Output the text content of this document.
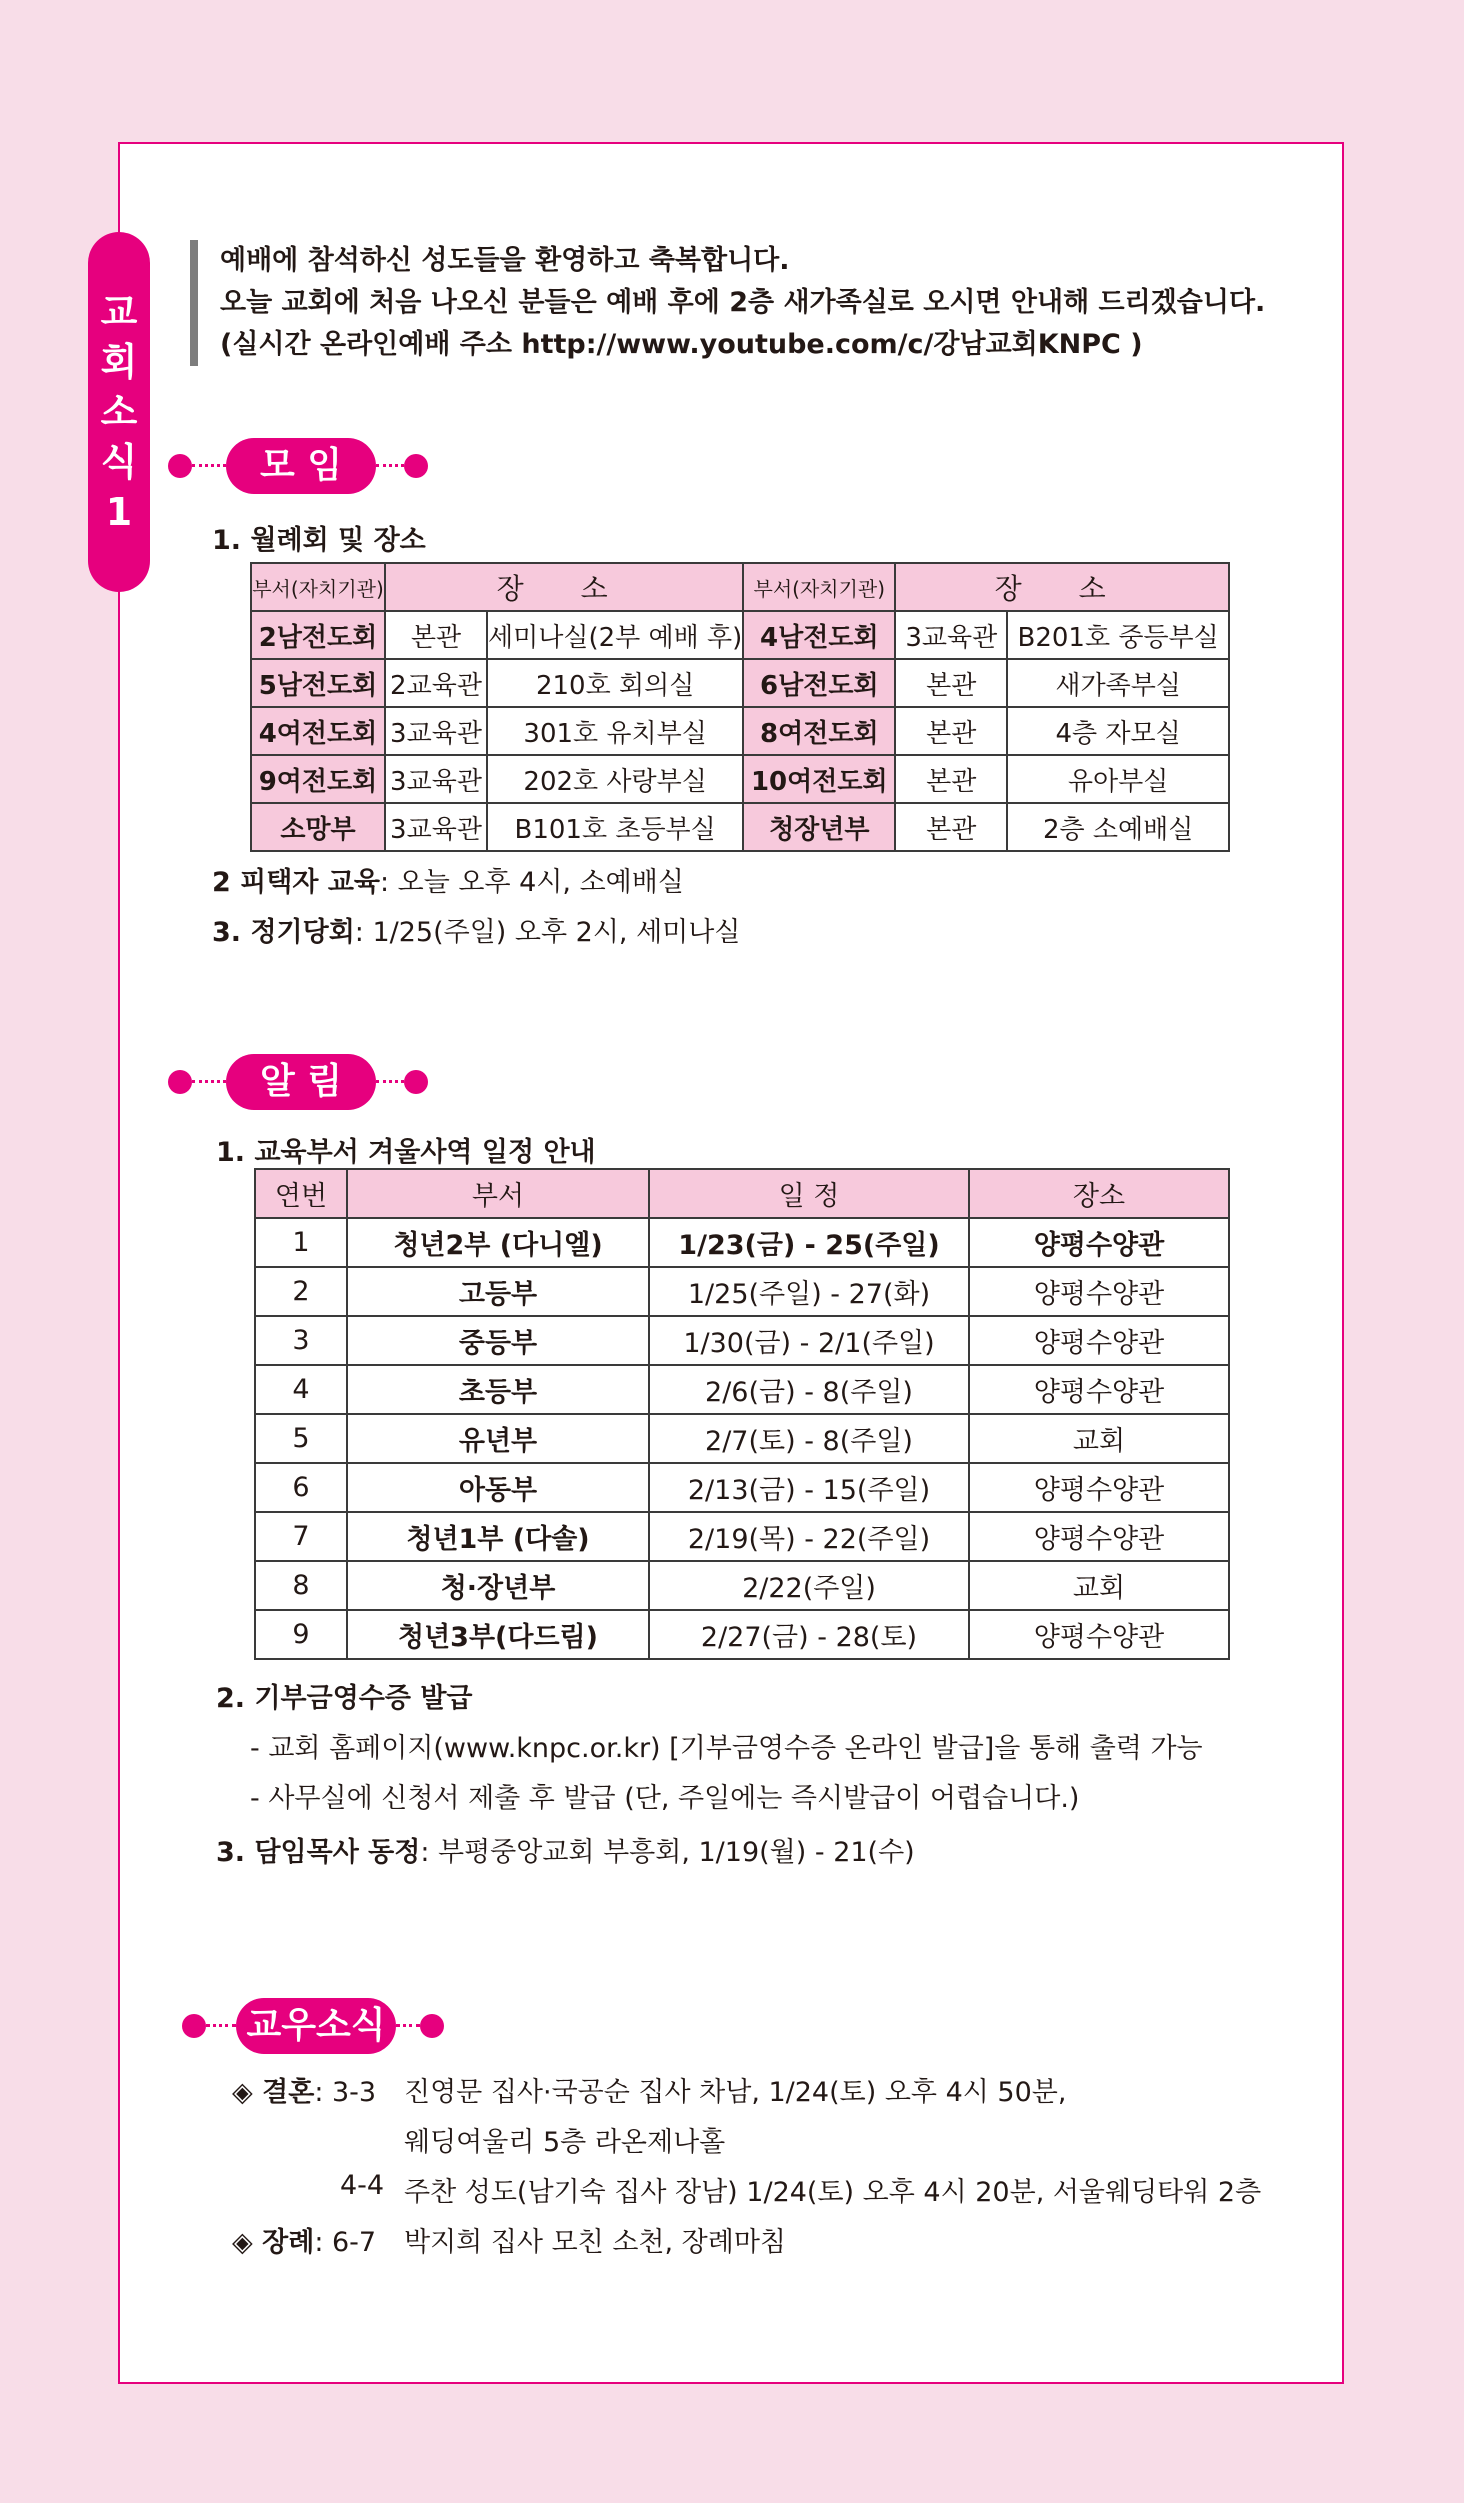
교
회
소
식
1
예배에 참석하신 성도들을 환영하고 축복합니다.
오늘 교회에 처음 나오신 분들은 예배 후에 2층 새가족실로 오시면 안내해 드리겠습니다.
(실시간 온라인예배 주소 http://www.youtube.com/c/강남교회KNPC )
모 임
1. 월례회 및 장소
부서(자치기관)	장 소		부서(자치기관)	장 소	
2남전도회	본관	세미나실(2부 예배 후)	4남전도회	3교육관	B201호 중등부실
5남전도회	2교육관	210호 회의실	6남전도회	본관	새가족부실
4여전도회	3교육관	301호 유치부실	8여전도회	본관	4층 자모실
9여전도회	3교육관	202호 사랑부실	10여전도회	본관	유아부실
소망부	3교육관	B101호 초등부실	청장년부	본관	2층 소예배실
2 피택자 교육: 오늘 오후 4시, 소예배실
3. 정기당회: 1/25(주일) 오후 2시, 세미나실
알 림
1. 교육부서 겨울사역 일정 안내
연번	부서	일 정	장소
1	청년2부 (다니엘)	1/23(금) - 25(주일)	양평수양관
2	고등부	1/25(주일) - 27(화)	양평수양관
3	중등부	1/30(금) - 2/1(주일)	양평수양관
4	초등부	2/6(금) - 8(주일)	양평수양관
5	유년부	2/7(토) - 8(주일)	교회
6	아동부	2/13(금) - 15(주일)	양평수양관
7	청년1부 (다솔)	2/19(목) - 22(주일)	양평수양관
8	청·장년부	2/22(주일)	교회
9	청년3부(다드림)	2/27(금) - 28(토)	양평수양관
2. 기부금영수증 발급
- 교회 홈페이지(www.knpc.or.kr) [기부금영수증 온라인 발급]을 통해 출력 가능
- 사무실에 신청서 제출 후 발급 (단, 주일에는 즉시발급이 어렵습니다.)
3. 담임목사 동정: 부평중앙교회 부흥회, 1/19(월) - 21(수)
교우소식
◈ 결혼: 3-3 진영문 집사·국공순 집사 차남, 1/24(토) 오후 4시 50분,
웨딩여울리 5층 라온제나홀
4-4 주찬 성도(남기숙 집사 장남) 1/24(토) 오후 4시 20분, 서울웨딩타워 2층
◈ 장례: 6-7 박지희 집사 모친 소천, 장례마침
